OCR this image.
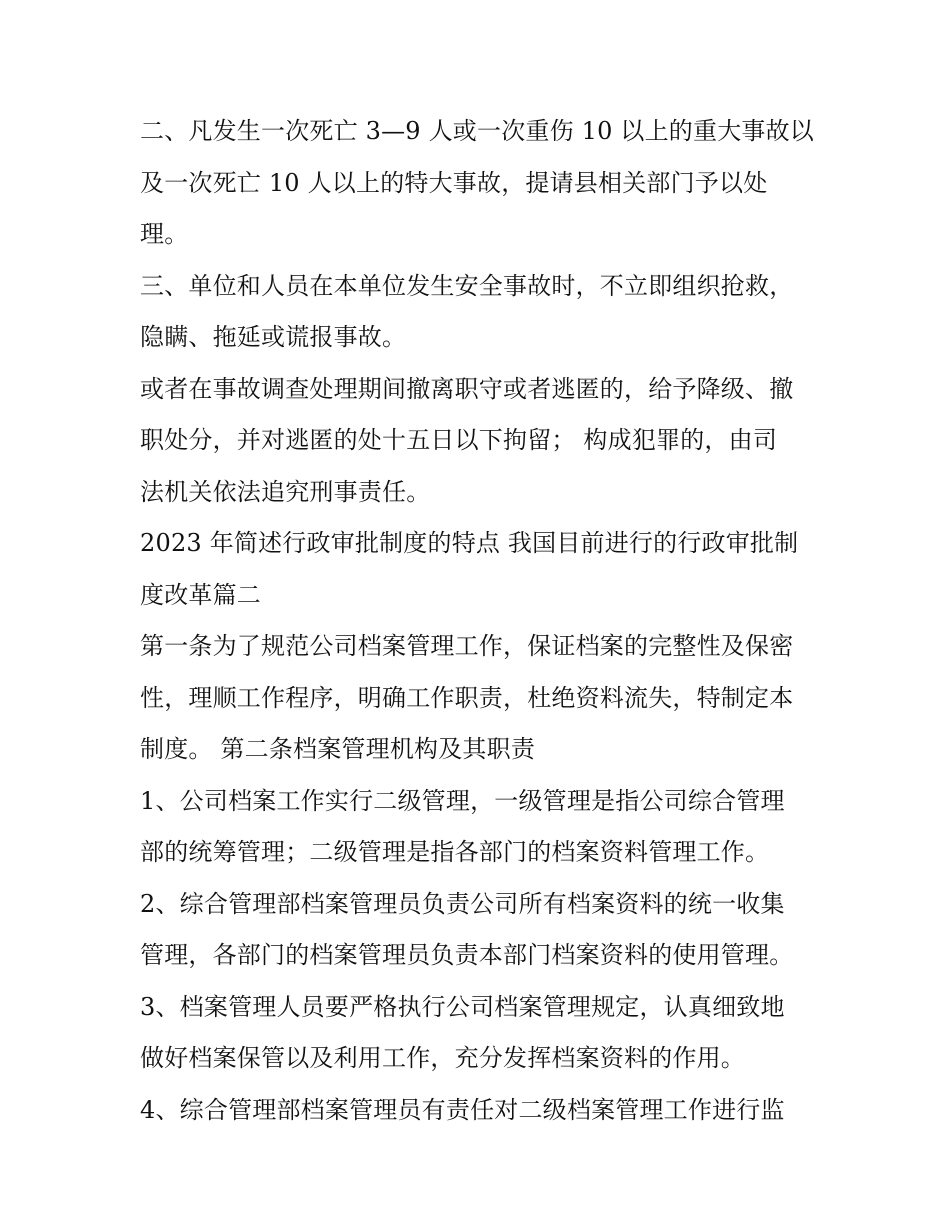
二、凡发生一次死亡 3—9 人或一次重伤 10 以上的重大事故以
及一次死亡 10 人以上的特大事故，提请县相关部门予以处
理。
三、单位和人员在本单位发生安全事故时，不立即组织抢救，
隐瞒、拖延或谎报事故。
或者在事故调查处理期间撤离职守或者逃匿的，给予降级、撤
职处分，并对逃匿的处十五日以下拘留； 构成犯罪的，由司
法机关依法追究刑事责任。
2023 年简述行政审批制度的特点 我国目前进行的行政审批制
度改革篇二
第一条为了规范公司档案管理工作，保证档案的完整性及保密
性，理顺工作程序，明确工作职责，杜绝资料流失，特制定本
制度。 第二条档案管理机构及其职责
1、公司档案工作实行二级管理，一级管理是指公司综合管理
部的统筹管理；二级管理是指各部门的档案资料管理工作。
2、综合管理部档案管理员负责公司所有档案资料的统一收集
管理，各部门的档案管理员负责本部门档案资料的使用管理。
3、档案管理人员要严格执行公司档案管理规定，认真细致地
做好档案保管以及利用工作，充分发挥档案资料的作用。
4、综合管理部档案管理员有责任对二级档案管理工作进行监
